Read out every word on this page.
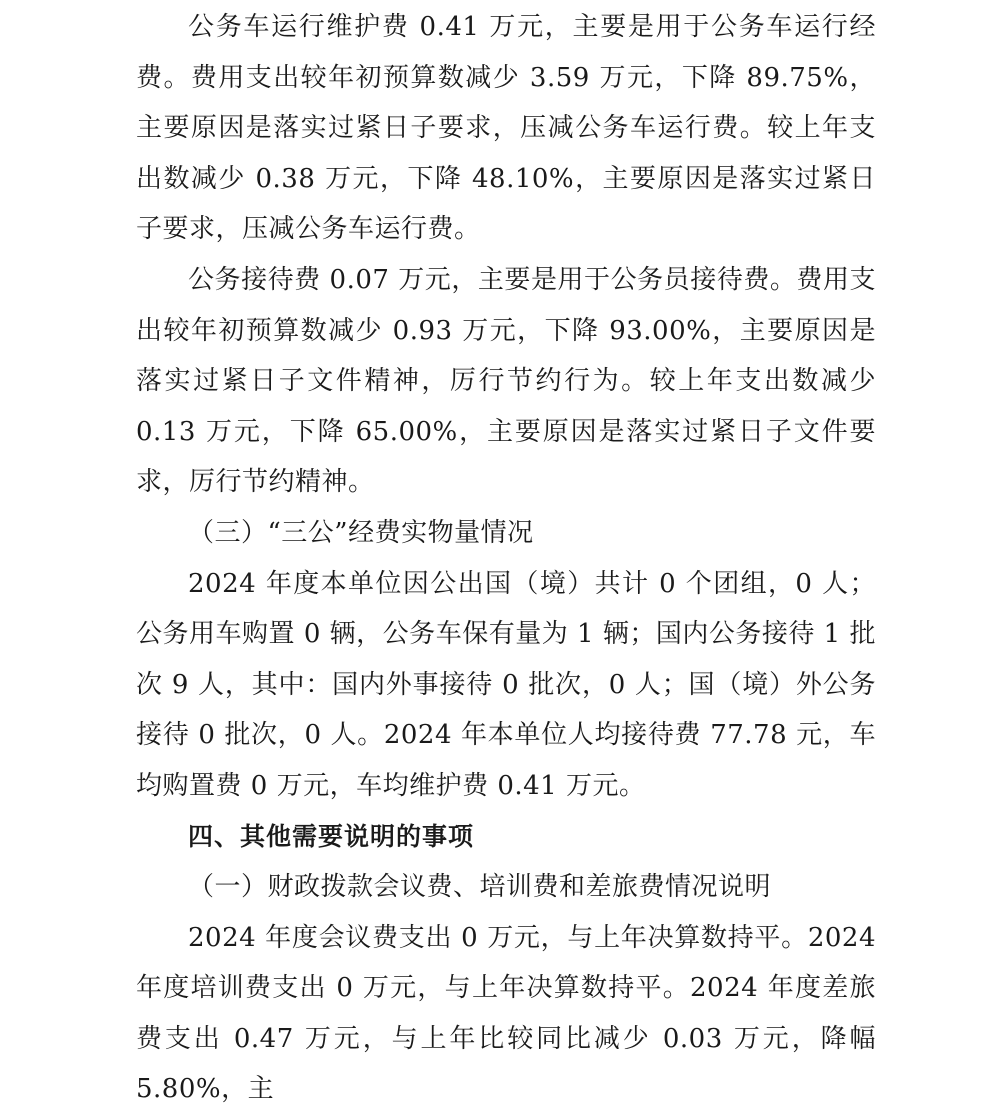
公务车运行维护费 0.41 万元，主要是用于公务车运行经费。费用支出较年初预算数减少 3.59 万元，下降 89.75%，主要原因是落实过紧日子要求，压减公务车运行费。较上年支出数减少 0.38 万元，下降 48.10%，主要原因是落实过紧日子要求，压减公务车运行费。

公务接待费 0.07 万元，主要是用于公务员接待费。费用支出较年初预算数减少 0.93 万元，下降 93.00%，主要原因是落实过紧日子文件精神，厉行节约行为。较上年支出数减少 0.13 万元，下降 65.00%，主要原因是落实过紧日子文件要求，厉行节约精神。

（三）“三公”经费实物量情况

2024 年度本单位因公出国（境）共计 0 个团组，0 人；公务用车购置 0 辆，公务车保有量为 1 辆；国内公务接待 1 批次 9 人，其中：国内外事接待 0 批次，0 人；国（境）外公务接待 0 批次，0 人。2024 年本单位人均接待费 77.78 元，车均购置费 0 万元，车均维护费 0.41 万元。

四、其他需要说明的事项

（一）财政拨款会议费、培训费和差旅费情况说明

2024 年度会议费支出 0 万元，与上年决算数持平。2024 年度培训费支出 0 万元，与上年决算数持平。2024 年度差旅费支出 0.47 万元，与上年比较同比减少 0.03 万元，降幅 5.80%，主
